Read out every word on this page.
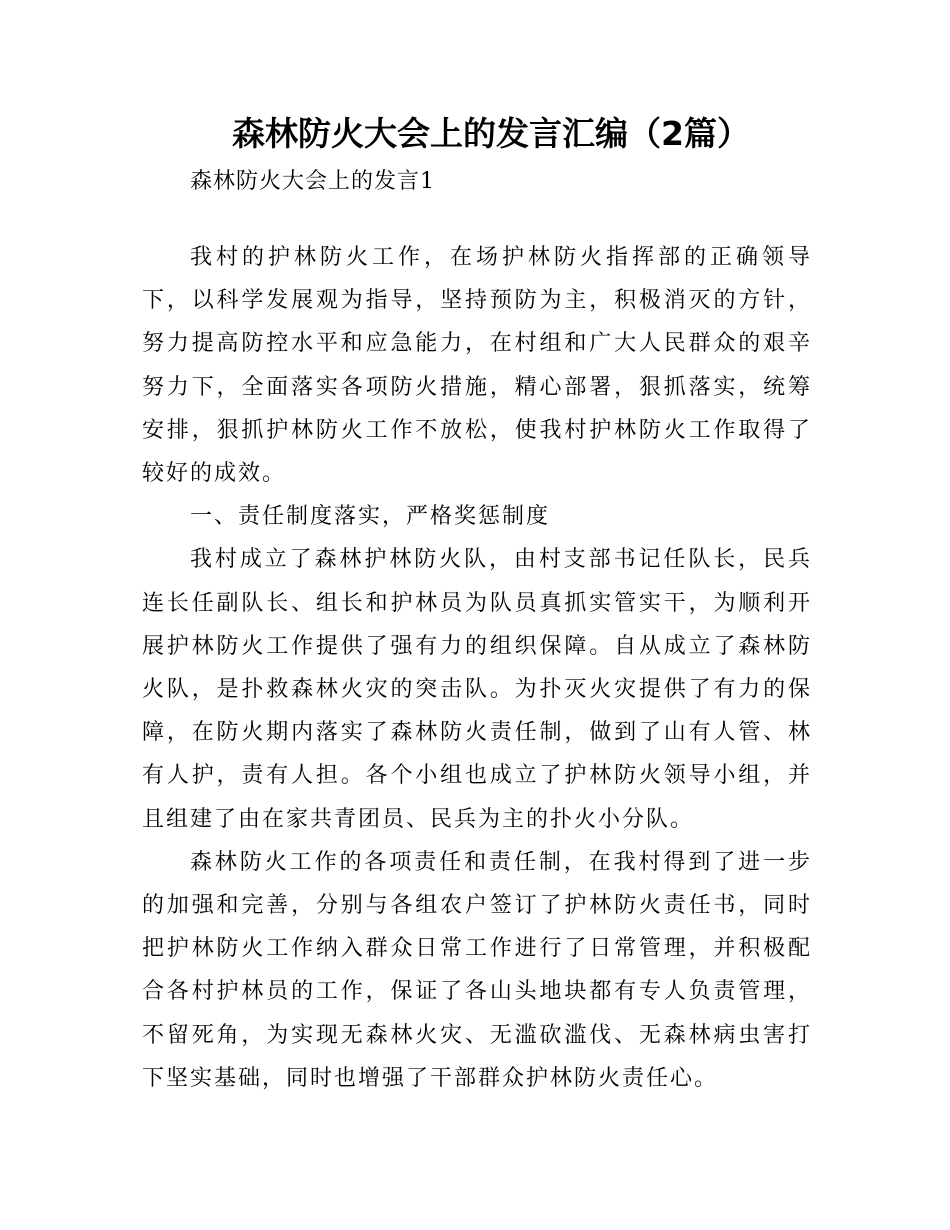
森林防火大会上的发言汇编（2篇）
森林防火大会上的发言1

我村的护林防火工作，在场护林防火指挥部的正确领导下，以科学发展观为指导，坚持预防为主，积极消灭的方针，努力提高防控水平和应急能力，在村组和广大人民群众的艰辛努力下，全面落实各项防火措施，精心部署，狠抓落实，统筹安排，狠抓护林防火工作不放松，使我村护林防火工作取得了较好的成效。

一、责任制度落实，严格奖惩制度

我村成立了森林护林防火队，由村支部书记任队长，民兵连长任副队长、组长和护林员为队员真抓实管实干，为顺利开展护林防火工作提供了强有力的组织保障。自从成立了森林防火队，是扑救森林火灾的突击队。为扑灭火灾提供了有力的保障，在防火期内落实了森林防火责任制，做到了山有人管、林有人护，责有人担。各个小组也成立了护林防火领导小组，并且组建了由在家共青团员、民兵为主的扑火小分队。

森林防火工作的各项责任和责任制，在我村得到了进一步的加强和完善，分别与各组农户签订了护林防火责任书，同时把护林防火工作纳入群众日常工作进行了日常管理，并积极配合各村护林员的工作，保证了各山头地块都有专人负责管理，不留死角，为实现无森林火灾、无滥砍滥伐、无森林病虫害打下坚实基础，同时也增强了干部群众护林防火责任心。
